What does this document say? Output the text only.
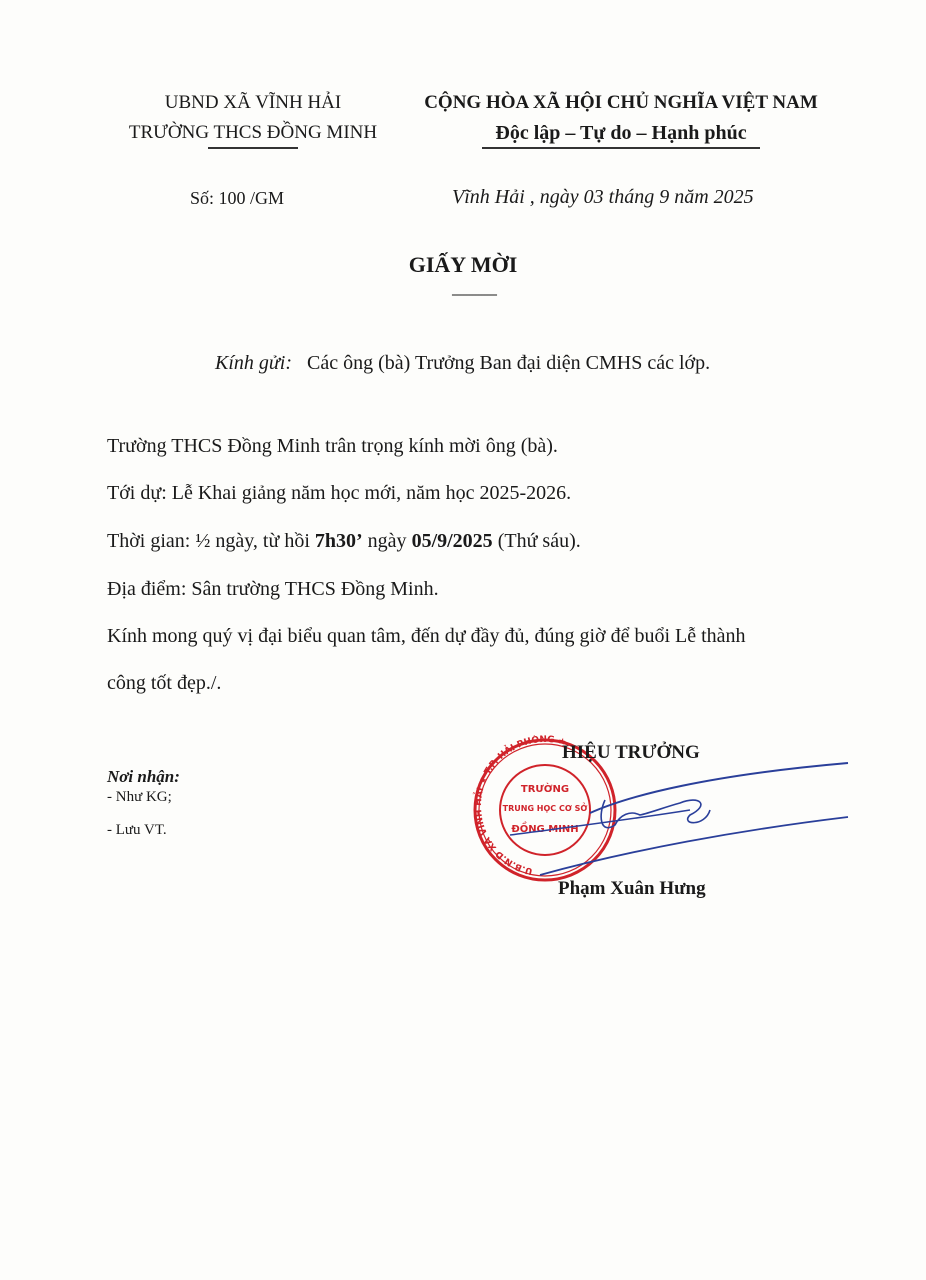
UBND XÃ VĨNH HẢI
TRƯỜNG THCS ĐỒNG MINH
CỘNG HÒA XÃ HỘI CHỦ NGHĨA VIỆT NAM
Độc lập – Tự do – Hạnh phúc
Số: 100 /GM	Vĩnh Hải , ngày 03 tháng 9 năm 2025
GIẤY MỜI
---------------
Kính gửi: Các ông (bà) Trưởng Ban đại diện CMHS các lớp.
Trường THCS Đồng Minh trân trọng kính mời ông (bà).
Tới dự: Lễ Khai giảng năm học mới, năm học 2025-2026.
Thời gian: ½ ngày, từ hồi 7h30’ ngày 05/9/2025 (Thứ sáu).
Địa điểm: Sân trường THCS Đồng Minh.
Kính mong quý vị đại biểu quan tâm, đến dự đầy đủ, đúng giờ để buổi Lễ thành
công tốt đẹp./.
Nơi nhận:
- Như KG;
- Lưu VT.
U.B.N.D XÃ VĨNH HẢI ★ T.P. HẢI PHÒNG ★
TRƯỜNG
TRUNG HỌC CƠ SỞ
ĐỒNG MINH
HIỆU TRƯỞNG
Phạm Xuân Hưng
